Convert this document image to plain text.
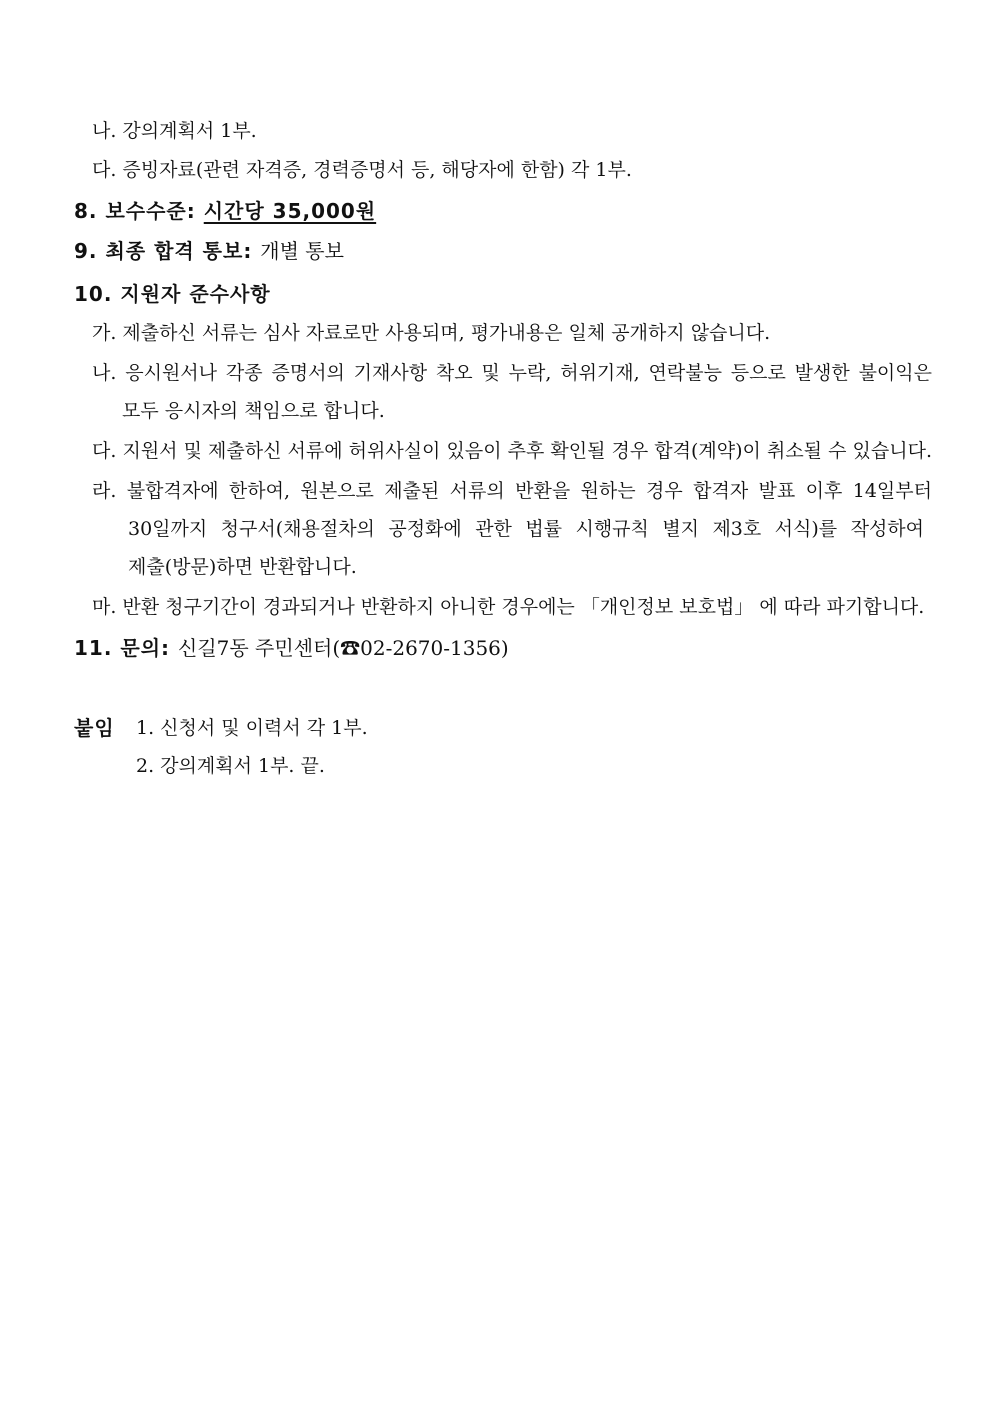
나. 강의계획서 1부.
다. 증빙자료(관련 자격증, 경력증명서 등, 해당자에 한함) 각 1부.
8. 보수수준: 시간당 35,000원
9. 최종 합격 통보: 개별 통보
10. 지원자 준수사항
가. 제출하신 서류는 심사 자료로만 사용되며, 평가내용은 일체 공개하지 않습니다.
나. 응시원서나 각종 증명서의 기재사항 착오 및 누락, 허위기재, 연락불능 등으로 발생한 불이익은
모두 응시자의 책임으로 합니다.
다. 지원서 및 제출하신 서류에 허위사실이 있음이 추후 확인될 경우 합격(계약)이 취소될 수 있습니다.
라. 불합격자에 한하여, 원본으로 제출된 서류의 반환을 원하는 경우 합격자 발표 이후 14일부터
30일까지 청구서(채용절차의 공정화에 관한 법률 시행규칙 별지 제3호 서식)를 작성하여
제출(방문)하면 반환합니다.
마. 반환 청구기간이 경과되거나 반환하지 아니한 경우에는 「개인정보 보호법」 에 따라 파기합니다.
11. 문의: 신길7동 주민센터(☎02-2670-1356)
붙임 1. 신청서 및 이력서 각 1부.
2. 강의계획서 1부. 끝.
